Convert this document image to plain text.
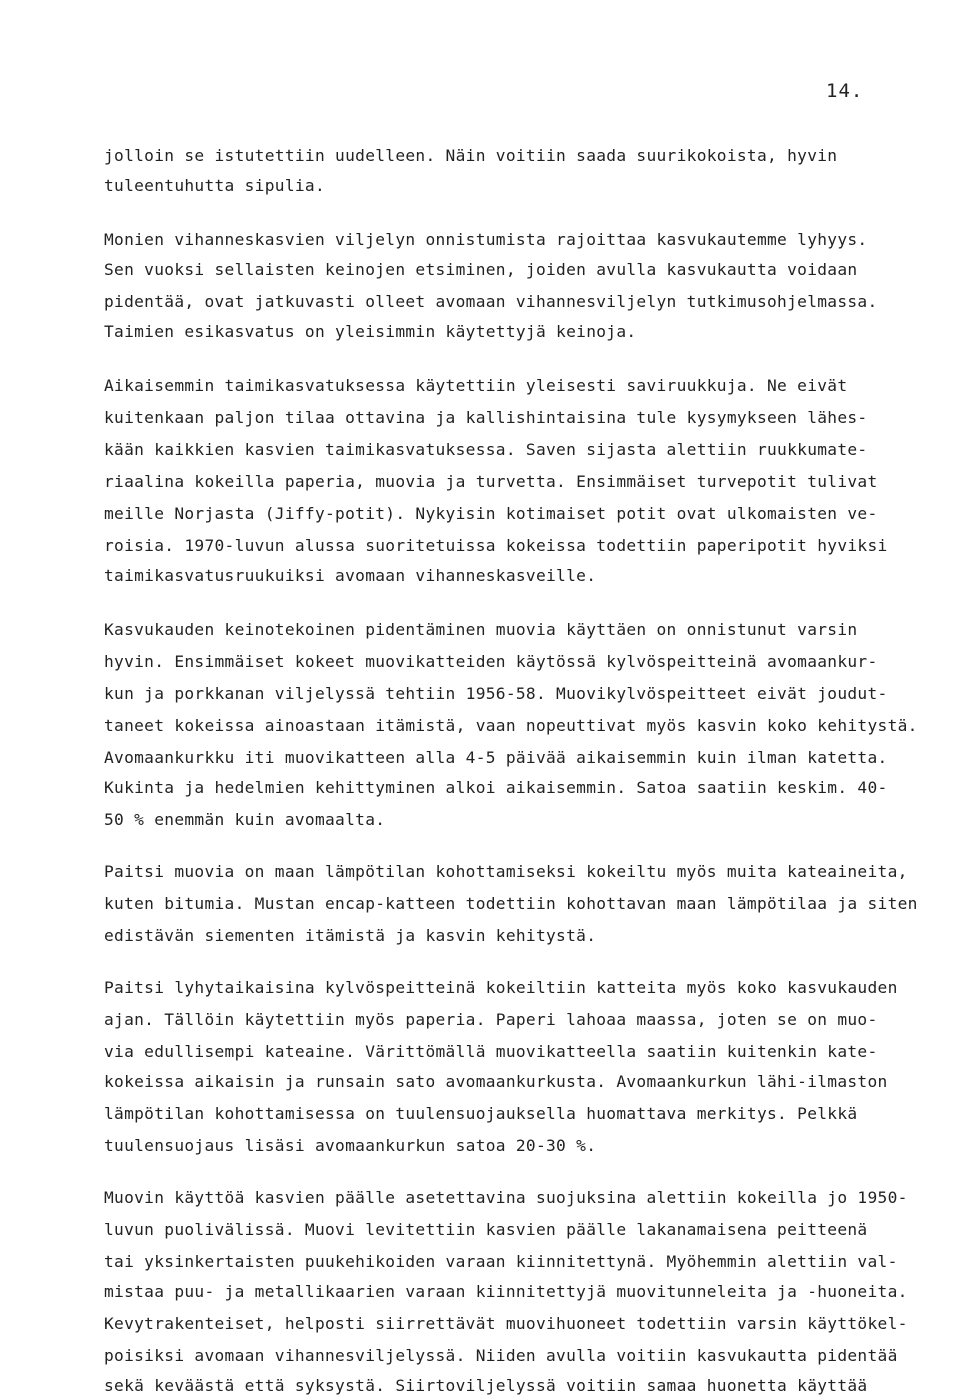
14.
jolloin se istutettiin uudelleen. Näin voitiin saada suurikokoista, hyvin
tuleentuhutta sipulia.
Monien vihanneskasvien viljelyn onnistumista rajoittaa kasvukautemme lyhyys.
Sen vuoksi sellaisten keinojen etsiminen, joiden avulla kasvukautta voidaan
pidentää, ovat jatkuvasti olleet avomaan vihannesviljelyn tutkimusohjelmassa.
Taimien esikasvatus on yleisimmin käytettyjä keinoja.
Aikaisemmin taimikasvatuksessa käytettiin yleisesti saviruukkuja. Ne eivät
kuitenkaan paljon tilaa ottavina ja kallishintaisina tule kysymykseen lähes-
kään kaikkien kasvien taimikasvatuksessa. Saven sijasta alettiin ruukkumate-
riaalina kokeilla paperia, muovia ja turvetta. Ensimmäiset turvepotit tulivat
meille Norjasta (Jiffy-potit). Nykyisin kotimaiset potit ovat ulkomaisten ve-
roisia. 1970-luvun alussa suoritetuissa kokeissa todettiin paperipotit hyviksi
taimikasvatusruukuiksi avomaan vihanneskasveille.
Kasvukauden keinotekoinen pidentäminen muovia käyttäen on onnistunut varsin
hyvin. Ensimmäiset kokeet muovikatteiden käytössä kylvöspeitteinä avomaankur-
kun ja porkkanan viljelyssä tehtiin 1956-58. Muovikylvöspeitteet eivät joudut-
taneet kokeissa ainoastaan itämistä, vaan nopeuttivat myös kasvin koko kehitystä.
Avomaankurkku iti muovikatteen alla 4-5 päivää aikaisemmin kuin ilman katetta.
Kukinta ja hedelmien kehittyminen alkoi aikaisemmin. Satoa saatiin keskim. 40-
50 % enemmän kuin avomaalta.
Paitsi muovia on maan lämpötilan kohottamiseksi kokeiltu myös muita kateaineita,
kuten bitumia. Mustan encap-katteen todettiin kohottavan maan lämpötilaa ja siten
edistävän siementen itämistä ja kasvin kehitystä.
Paitsi lyhytaikaisina kylvöspeitteinä kokeiltiin katteita myös koko kasvukauden
ajan. Tällöin käytettiin myös paperia. Paperi lahoaa maassa, joten se on muo-
via edullisempi kateaine. Värittömällä muovikatteella saatiin kuitenkin kate-
kokeissa aikaisin ja runsain sato avomaankurkusta. Avomaankurkun lähi-ilmaston
lämpötilan kohottamisessa on tuulensuojauksella huomattava merkitys. Pelkkä
tuulensuojaus lisäsi avomaankurkun satoa 20-30 %.
Muovin käyttöä kasvien päälle asetettavina suojuksina alettiin kokeilla jo 1950-
luvun puolivälissä. Muovi levitettiin kasvien päälle lakanamaisena peitteenä
tai yksinkertaisten puukehikoiden varaan kiinnitettynä. Myöhemmin alettiin val-
mistaa puu- ja metallikaarien varaan kiinnitettyjä muovitunneleita ja -huoneita.
Kevytrakenteiset, helposti siirrettävät muovihuoneet todettiin varsin käyttökel-
poisiksi avomaan vihannesviljelyssä. Niiden avulla voitiin kasvukautta pidentää
sekä keväästä että syksystä. Siirtoviljelyssä voitiin samaa huonetta käyttää
